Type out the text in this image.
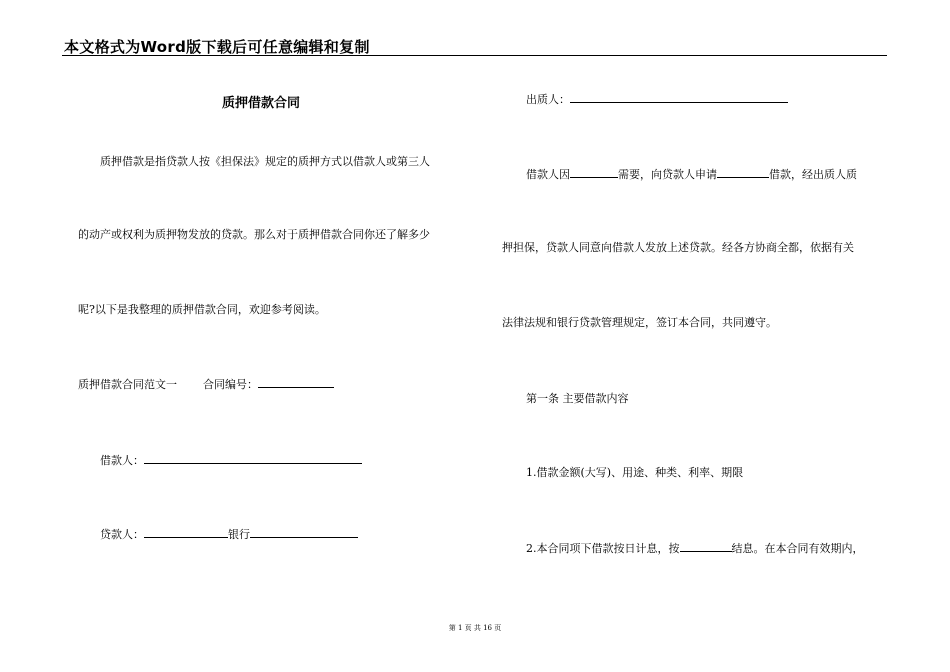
本文格式为Word版下载后可任意编辑和复制
质押借款合同
质押借款是指贷款人按《担保法》规定的质押方式以借款人或第三人
的动产或权利为质押物发放的贷款。那么对于质押借款合同你还了解多少
呢?以下是我整理的质押借款合同，欢迎参考阅读。
质押借款合同范文一 合同编号：
借款人：
贷款人：	银行
出质人：
借款人因	需要，向贷款人申请	借款，经出质人质
押担保，贷款人同意向借款人发放上述贷款。经各方协商全都，依据有关
法律法规和银行贷款管理规定，签订本合同，共同遵守。
第一条 主要借款内容
1.借款金额(大写)、用途、种类、利率、期限
2.本合同项下借款按日计息，按	结息。在本合同有效期内，
第 1 页 共 16 页
